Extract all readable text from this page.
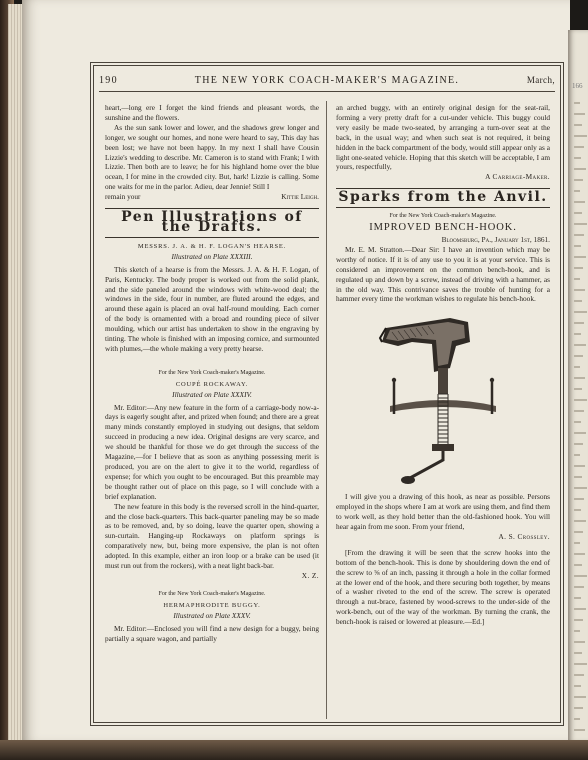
190	THE NEW YORK COACH-MAKER'S MAGAZINE.	March,

heart,—long ere I forget the kind friends and pleasant words, the sunshine and the flowers.

As the sun sank lower and lower, and the shadows grew longer and longer, we sought our homes, and none were heard to say, This day has been lost; we have not been happy. In my next I shall have Cousin Lizzie's wedding to describe. Mr. Cameron is to stand with Frank; I with Lizzie. Then both are to leave; he for his highland home over the blue ocean, I for mine in the crowded city. But, hark! Lizzie is calling. Some one waits for me in the parlor. Adieu, dear Jennie! Still I

remain your	Kittie Leigh.
Pen Illustrations of the Drafts.
MESSRS. J. A. & H. F. LOGAN'S HEARSE.
Illustrated on Plate XXXIII.

This sketch of a hearse is from the Messrs. J. A. & H. F. Logan, of Paris, Kentucky. The body proper is worked out from the solid plank, and the side paneled around the windows with white-wood deal; the windows in the side, four in number, are fluted around the edges, and around these again is placed an oval half-round moulding. Each corner of the body is ornamented with a broad and rounding piece of silver moulding, which our artist has undertaken to show in the engraving by tinting. The whole is finished with an imposing cornice, and surmounted with plumes,—the whole making a very pretty hearse.

For the New York Coach-maker's Magazine.
COUPÉ ROCKAWAY.
Illustrated on Plate XXXIV.

Mr. Editor:—Any new feature in the form of a carriage-body now-a-days is eagerly sought after, and prized when found; and there are a great many minds constantly employed in studying out designs, that seldom succeed in producing a new idea. Original designs are very scarce, and we should be thankful for those we do get through the success of the Magazine,—for I believe that as soon as anything possessing merit is produced, you are on the alert to give it to the world, regardless of expense; for which you ought to be encouraged. But this preamble may be thought rather out of place on this page, so I will conclude with a brief explanation.

The new feature in this body is the reversed scroll in the hind-quarter, and the close back-quarters. This back-quarter paneling may be so made as to be removed, and, by so doing, leave the quarter open, showing a sun-curtain. Hanging-up Rockaways on platform springs is comparatively new, but, being more expensive, the plan is not often adopted. In this example, either an iron loop or a brake can be used (it must run out from the rockers), with a neat light back-bar.

X. Z.
For the New York Coach-maker's Magazine.
HERMAPHRODITE BUGGY.
Illustrated on Plate XXXV.

Mr. Editor:—Enclosed you will find a new design for a buggy, being partially a square wagon, and partially

an arched buggy, with an entirely original design for the seat-rail, forming a very pretty draft for a cut-under vehicle. This buggy could very easily be made two-seated, by arranging a turn-over seat at the back, in the usual way; and when such seat is not required, it being hidden in the back compartment of the body, would still appear only as a light one-seated vehicle. Hoping that this sketch will be acceptable, I am yours, respectfully,

A Carriage-Maker.
Sparks from the Anvil.
For the New York Coach-maker's Magazine.
IMPROVED BENCH-HOOK.
Bloomsburg, Pa., January 1st, 1861.

Mr. E. M. Stratton.—Dear Sir: I have an invention which may be worthy of notice. If it is of any use to you it is at your service. This is considered an improvement on the common bench-hook, and is regulated up and down by a screw, instead of driving with a hammer, as in the old way. This contrivance saves the trouble of hunting for a hammer every time the workman wishes to regulate his bench-hook.

I will give you a drawing of this hook, as near as possible. Persons employed in the shops where I am at work are using them, and find them to work well, as they hold better than the old-fashioned hook. You will hear again from me soon. From your friend,

A. S. Crossley.

[From the drawing it will be seen that the screw hooks into the bottom of the bench-hook. This is done by shouldering down the end of the screw to ⅝ of an inch, passing it through a hole in the collar formed at the lower end of the hook, and there securing both together, by means of a washer riveted to the end of the screw. The screw is operated through a nut-brace, fastened by wood-screws to the under-side of the work-bench, out of the way of the workman. By turning the crank, the bench-hook is raised or lowered at pleasure.—Ed.]

166
